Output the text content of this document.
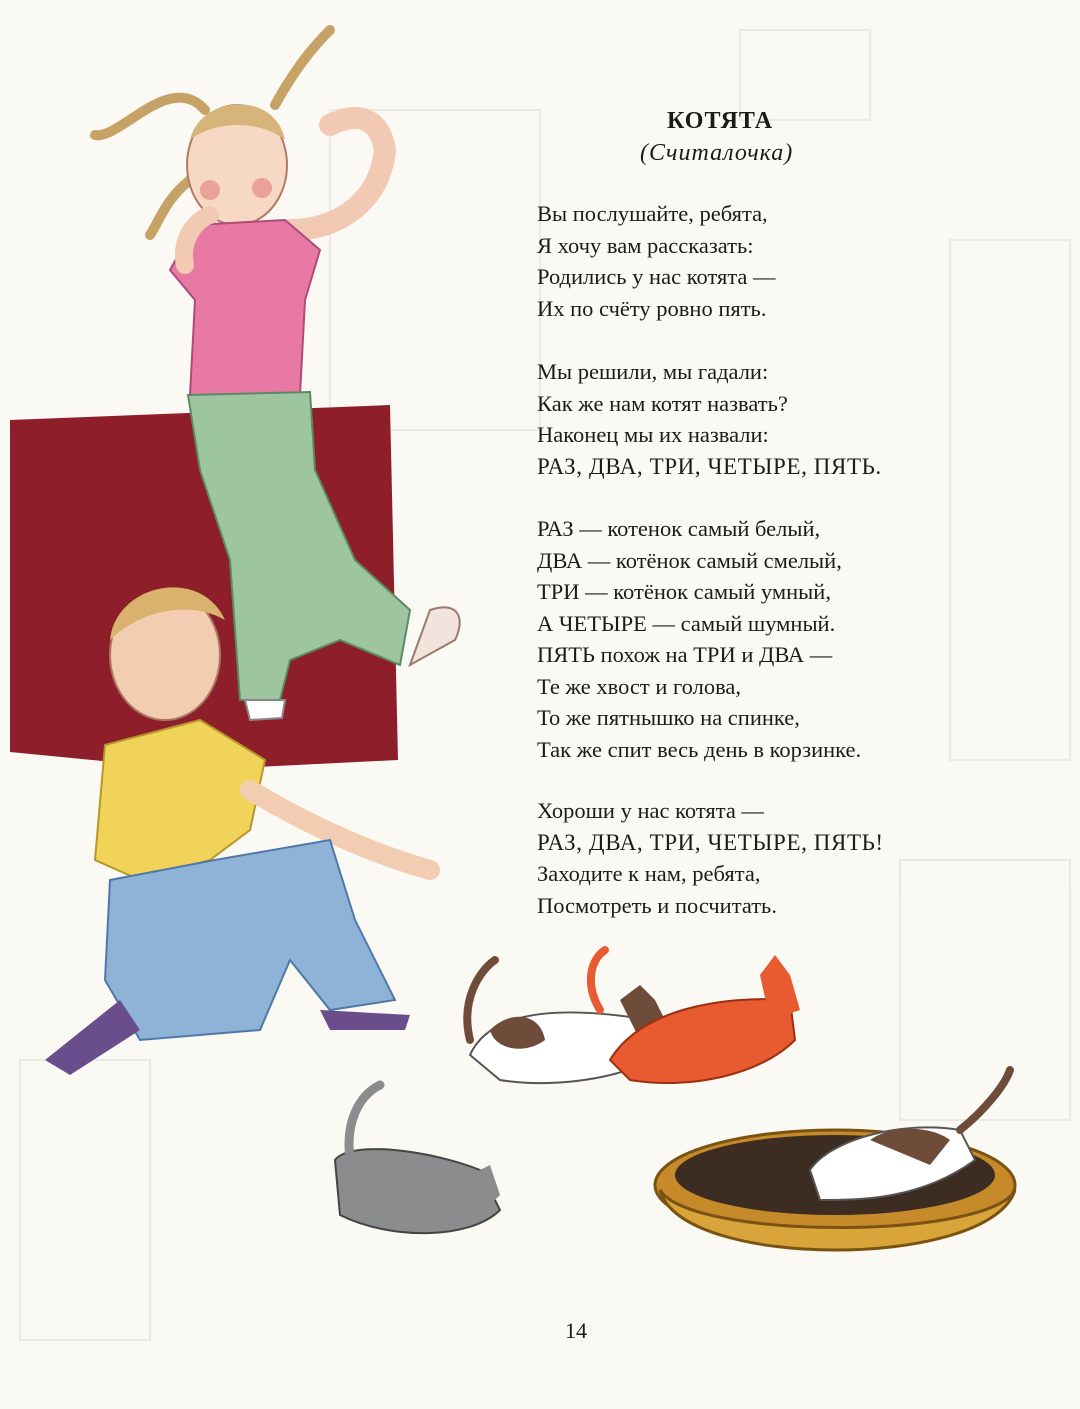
КОТЯТА

(Считалочка)

Вы послушайте, ребята,
Я хочу вам рассказать:
Родились у нас котята —
Их по счёту ровно пять.
Мы решили, мы гадали:
Как же нам котят назвать?
Наконец мы их назвали:
РАЗ, ДВА, ТРИ, ЧЕТЫРЕ, ПЯТЬ.
РАЗ — котенок самый белый,
ДВА — котёнок самый смелый,
ТРИ — котёнок самый умный,
А ЧЕТЫРЕ — самый шумный.
ПЯТЬ похож на ТРИ и ДВА —
Те же хвост и голова,
То же пятнышко на спинке,
Так же спит весь день в корзинке.
Хороши у нас котята —
РАЗ, ДВА, ТРИ, ЧЕТЫРЕ, ПЯТЬ!
Заходите к нам, ребята,
Посмотреть и посчитать.
14
